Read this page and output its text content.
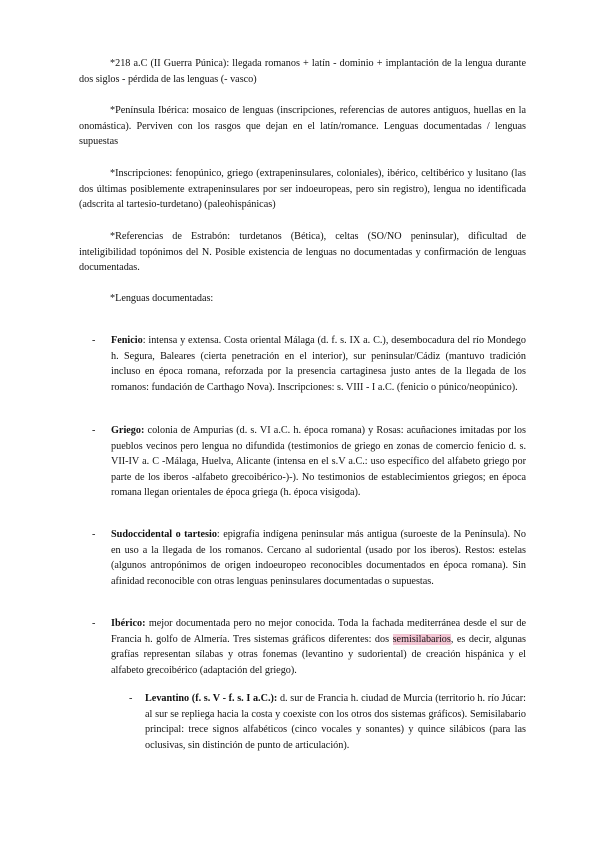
*218 a.C (II Guerra Púnica): llegada romanos + latín - dominio + implantación de la lengua durante dos siglos - pérdida de las lenguas (- vasco)

*Península Ibérica: mosaico de lenguas (inscripciones, referencias de autores antiguos, huellas en la onomástica). Perviven con los rasgos que dejan en el latín/romance. Lenguas documentadas / lenguas supuestas

*Inscripciones: fenopúnico, griego (extrapeninsulares, coloniales), ibérico, celtibérico y lusitano (las dos últimas posiblemente extrapeninsulares por ser indoeuropeas, pero sin registro), lengua no identificada (adscrita al tartesio-turdetano) (paleohispánicas)

*Referencias de Estrabón: turdetanos (Bética), celtas (SO/NO peninsular), dificultad de inteligibilidad topónimos del N. Posible existencia de lenguas no documentadas y confirmación de lenguas documentadas.

*Lenguas documentadas:

- Fenicio: intensa y extensa. Costa oriental Málaga (d. f. s. IX a. C.), desembocadura del río Mondego h. Segura, Baleares (cierta penetración en el interior), sur peninsular/Cádiz (mantuvo tradición incluso en época romana, reforzada por la presencia cartaginesa justo antes de la llegada de los romanos: fundación de Carthago Nova). Inscripciones: s. VIII - I a.C. (fenicio o púnico/neopúnico).

- Griego: colonia de Ampurias (d. s. VI a.C. h. época romana) y Rosas: acuñaciones imitadas por los pueblos vecinos pero lengua no difundida (testimonios de griego en zonas de comercio fenicio d. s. VII-IV a. C -Málaga, Huelva, Alicante (intensa en el s.V a.C.: uso específico del alfabeto griego por parte de los iberos -alfabeto grecoibérico-)-). No testimonios de establecimientos griegos; en época romana llegan orientales de época griega (h. época visigoda).

- Sudoccidental o tartesio: epigrafía indígena peninsular más antigua (suroeste de la Península). No en uso a la llegada de los romanos. Cercano al sudoriental (usado por los iberos). Restos: estelas (algunos antropónimos de origen indoeuropeo reconocibles documentados en época romana). Sin afinidad reconocible con otras lenguas peninsulares documentadas o supuestas.

- Ibérico: mejor documentada pero no mejor conocida. Toda la fachada mediterránea desde el sur de Francia h. golfo de Almería. Tres sistemas gráficos diferentes: dos semisilabarios, es decir, algunas grafías representan sílabas y otras fonemas (levantino y sudoriental) de creación hispánica y el alfabeto grecoibérico (adaptación del griego).

- Levantino (f. s. V - f. s. I a.C.): d. sur de Francia h. ciudad de Murcia (territorio h. río Júcar: al sur se repliega hacia la costa y coexiste con los otros dos sistemas gráficos). Semisilabario principal: trece signos alfabéticos (cinco vocales y sonantes) y quince silábicos (para las oclusivas, sin distinción de punto de articulación).
